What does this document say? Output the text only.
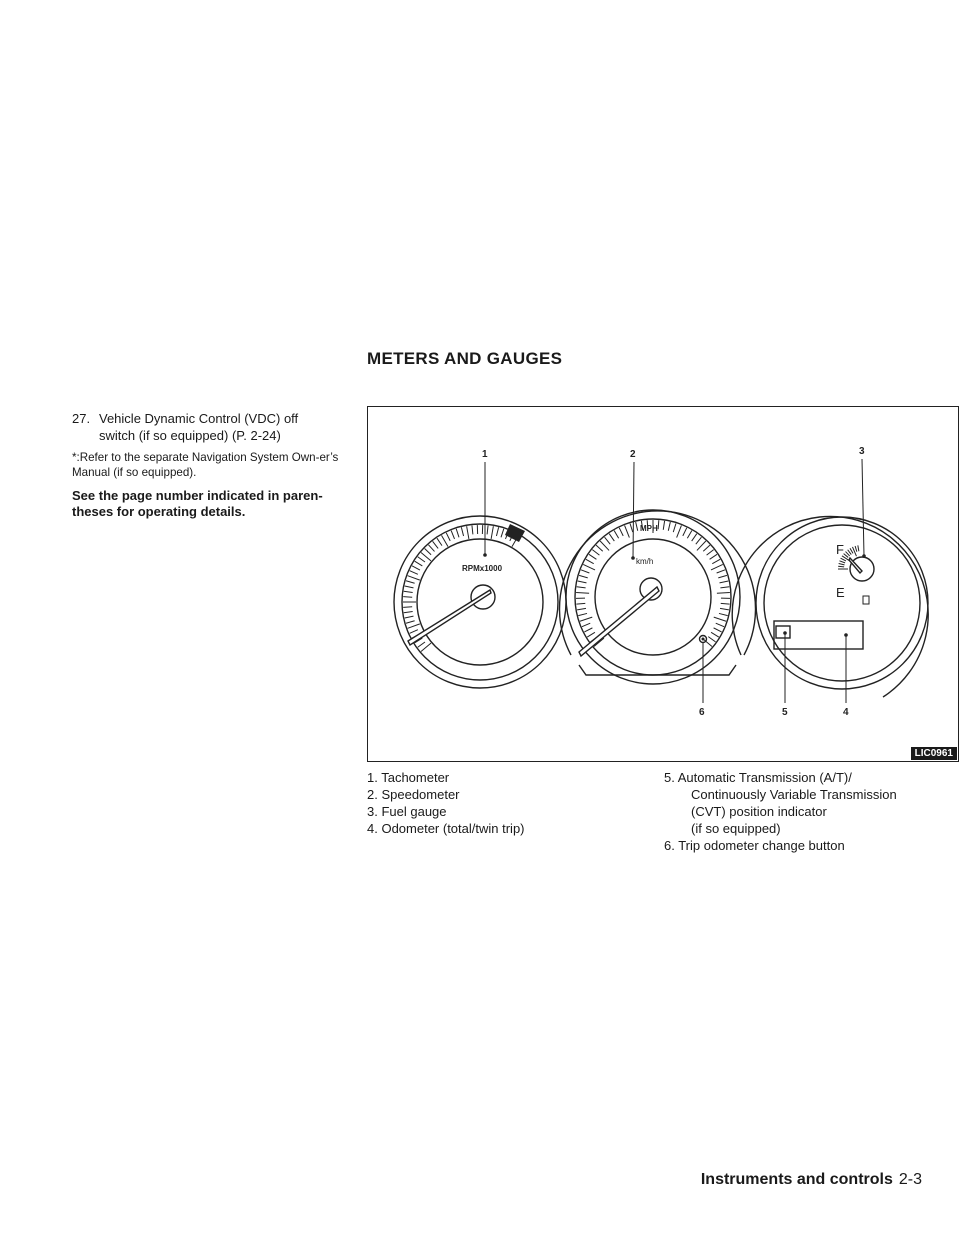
METERS AND GAUGES
27. Vehicle Dynamic Control (VDC) off
switch (if so equipped) (P. 2-24)
*:Refer to the separate Navigation System Own-er’s Manual (if so equipped).
See the page number indicated in paren-theses for operating details.
1	2	3
4
5
6
RPMx1000
MPH
km/h
F
E
LIC0961

1. Tachometer

2. Speedometer

3. Fuel gauge

4. Odometer (total/twin trip)

5. Automatic Transmission (A/T)/
Continuously Variable Transmission
(CVT) position indicator
(if so equipped)

6. Trip odometer change button

Instruments and controls 2-3
